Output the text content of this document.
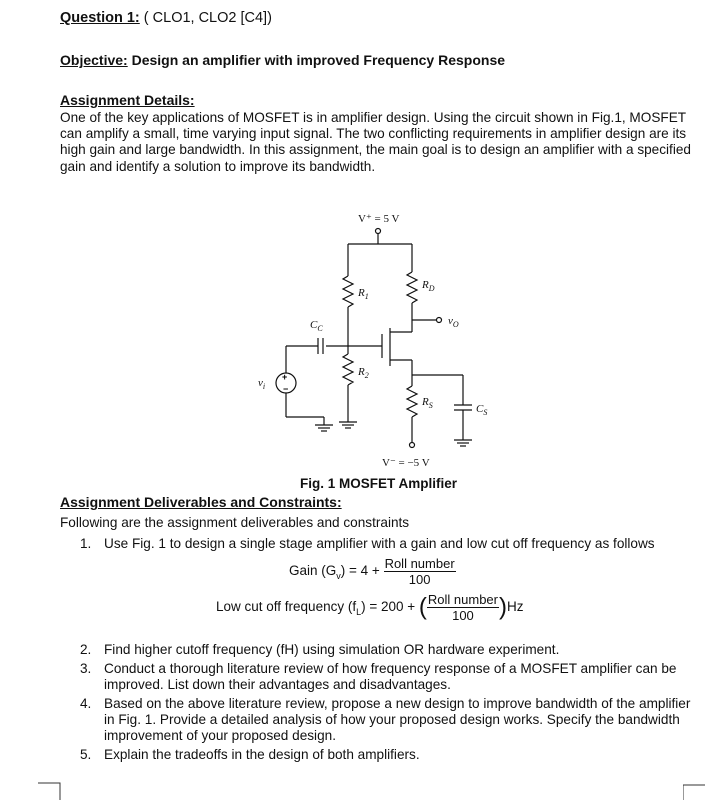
Question 1: ( CLO1, CLO2 [C4])
Objective: Design an amplifier with improved Frequency Response
Assignment Details:
One of the key applications of MOSFET is in amplifier design. Using the circuit shown in Fig.1, MOSFET can amplify a small, time varying input signal. The two conflicting requirements in amplifier design are its high gain and large bandwidth. In this assignment, the main goal is to design an amplifier with a specified gain and identify a solution to improve its bandwidth.
+
−
V⁺ = 5 V
V⁻ = −5 V
$R_1$
$R_D$
$R_2$
$R_S$
$C_C$
$C_S$
$v_O$
$v_i$
Fig. 1 MOSFET Amplifier
Assignment Deliverables and Constraints:
Following are the assignment deliverables and constraints
Gain $(G_v) = 4 + \frac{\text{Roll number}}{100}$
Low cut off frequency $(f_L) = 200$ + ( $\frac{\text{Roll number}}{100} )Hz$
1. Use Fig. 1 to design a single stage amplifier with a gain and low cut off frequency as follows
2. Find higher cutoff frequency (fH) using simulation OR hardware experiment.
3. Conduct a thorough literature review of how frequency response of a MOSFET amplifier can be improved. List down their advantages and disadvantages.
4. Based on the above literature review, propose a new design to improve bandwidth of the amplifier in Fig. 1. Provide a detailed analysis of how your proposed design works. Specify the bandwidth improvement of your proposed design.
5. Explain the tradeoffs in the design of both amplifiers.
